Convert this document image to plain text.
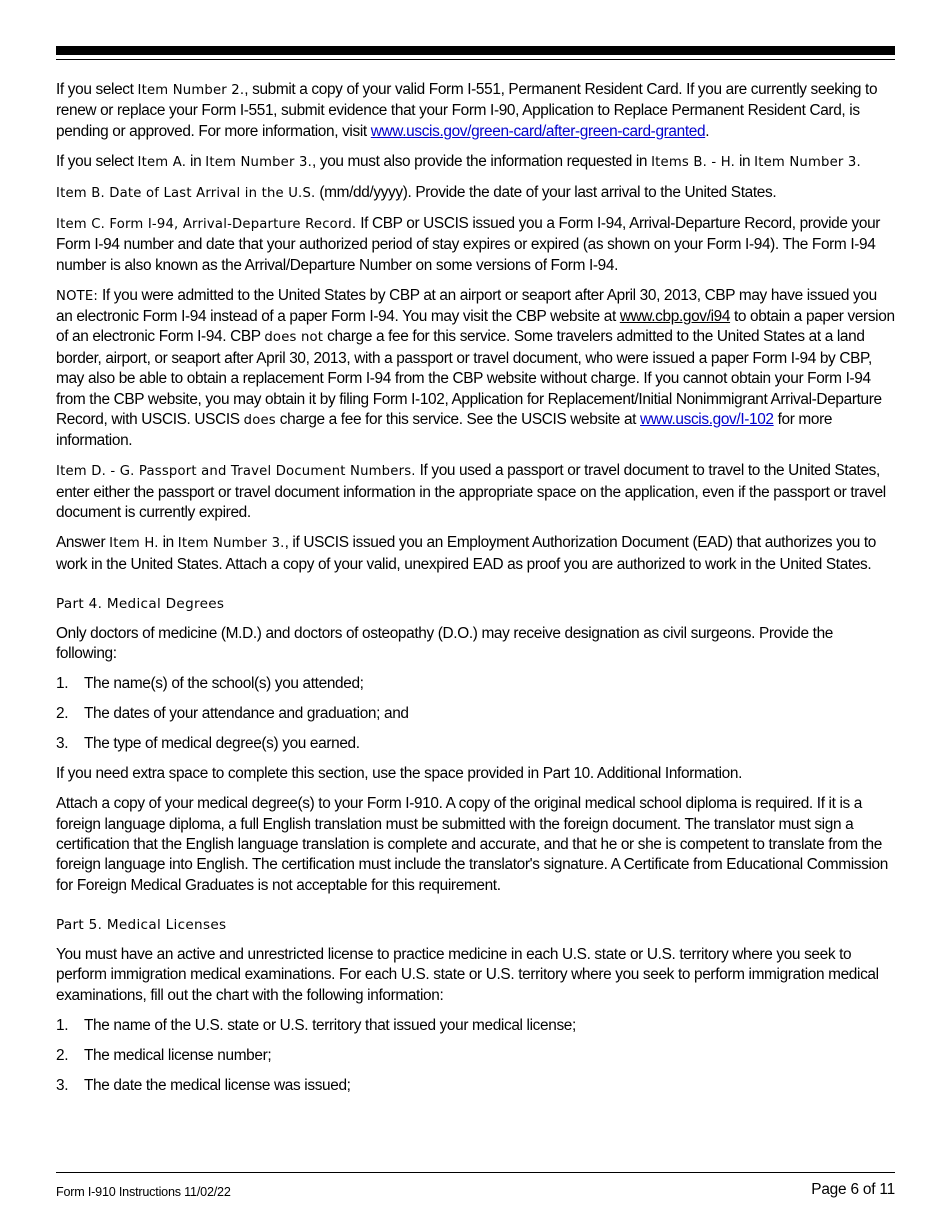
If you select Item Number 2., submit a copy of your valid Form I-551, Permanent Resident Card. If you are currently seeking to renew or replace your Form I-551, submit evidence that your Form I-90, Application to Replace Permanent Resident Card, is pending or approved. For more information, visit www.uscis.gov/green-card/after-green-card-granted.

If you select Item A. in Item Number 3., you must also provide the information requested in Items B. - H. in Item Number 3.

Item B. Date of Last Arrival in the U.S. (mm/dd/yyyy). Provide the date of your last arrival to the United States.

Item C. Form I-94, Arrival-Departure Record. If CBP or USCIS issued you a Form I-94, Arrival-Departure Record, provide your Form I-94 number and date that your authorized period of stay expires or expired (as shown on your Form I-94). The Form I-94 number is also known as the Arrival/Departure Number on some versions of Form I-94.

NOTE: If you were admitted to the United States by CBP at an airport or seaport after April 30, 2013, CBP may have issued you an electronic Form I-94 instead of a paper Form I-94. You may visit the CBP website at www.cbp.gov/i94 to obtain a paper version of an electronic Form I-94. CBP does not charge a fee for this service. Some travelers admitted to the United States at a land border, airport, or seaport after April 30, 2013, with a passport or travel document, who were issued a paper Form I-94 by CBP, may also be able to obtain a replacement Form I-94 from the CBP website without charge. If you cannot obtain your Form I-94 from the CBP website, you may obtain it by filing Form I-102, Application for Replacement/Initial Nonimmigrant Arrival-Departure Record, with USCIS. USCIS does charge a fee for this service. See the USCIS website at www.uscis.gov/I-102 for more information.

Item D. - G. Passport and Travel Document Numbers. If you used a passport or travel document to travel to the United States, enter either the passport or travel document information in the appropriate space on the application, even if the passport or travel document is currently expired.

Answer Item H. in Item Number 3., if USCIS issued you an Employment Authorization Document (EAD) that authorizes you to work in the United States. Attach a copy of your valid, unexpired EAD as proof you are authorized to work in the United States.

Part 4. Medical Degrees

Only doctors of medicine (M.D.) and doctors of osteopathy (D.O.) may receive designation as civil surgeons. Provide the following:

1.	The name(s) of the school(s) you attended;
2.	The dates of your attendance and graduation; and
3.	The type of medical degree(s) you earned.

If you need extra space to complete this section, use the space provided in Part 10. Additional Information.

Attach a copy of your medical degree(s) to your Form I-910. A copy of the original medical school diploma is required. If it is a foreign language diploma, a full English translation must be submitted with the foreign document. The translator must sign a certification that the English language translation is complete and accurate, and that he or she is competent to translate from the foreign language into English. The certification must include the translator's signature. A Certificate from Educational Commission for Foreign Medical Graduates is not acceptable for this requirement.

Part 5. Medical Licenses

You must have an active and unrestricted license to practice medicine in each U.S. state or U.S. territory where you seek to perform immigration medical examinations. For each U.S. state or U.S. territory where you seek to perform immigration medical examinations, fill out the chart with the following information:

1.	The name of the U.S. state or U.S. territory that issued your medical license;
2.	The medical license number;
3.	The date the medical license was issued;
Form I-910 Instructions 11/02/22	Page 6 of 11
